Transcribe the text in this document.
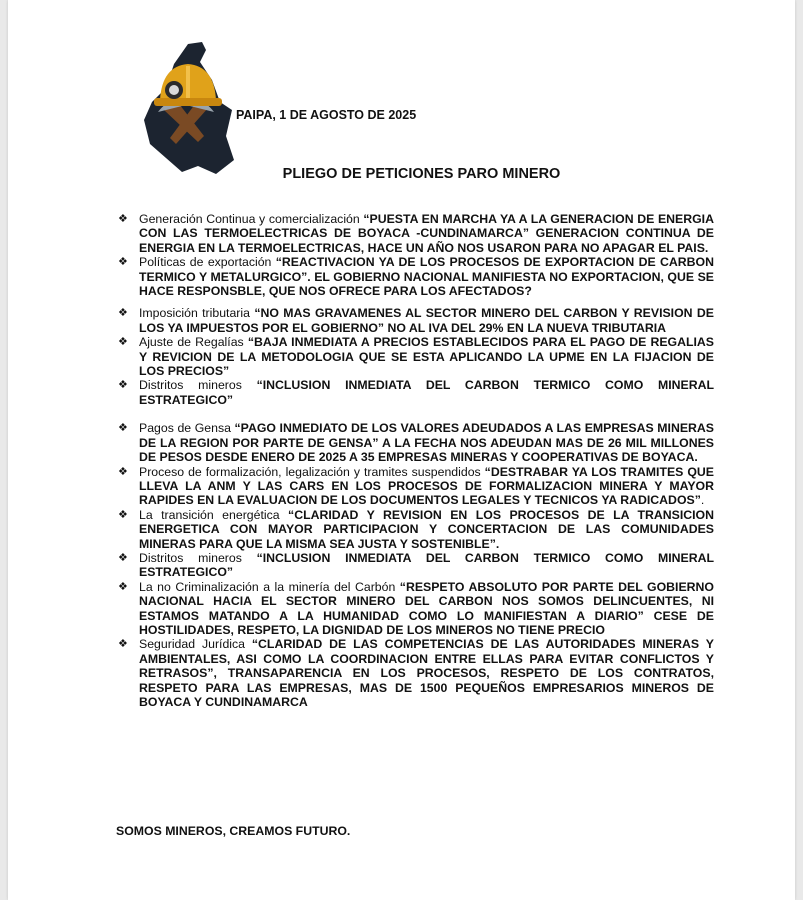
PAIPA, 1 DE AGOSTO DE 2025
PLIEGO DE PETICIONES PARO MINERO
❖ Generación Continua y comercialización “PUESTA EN MARCHA YA A LA GENERACION DE ENERGIA CON LAS TERMOELECTRICAS DE BOYACA -CUNDINAMARCA” GENERACION CONTINUA DE ENERGIA EN LA TERMOELECTRICAS, HACE UN AÑO NOS USARON PARA NO APAGAR EL PAIS.
❖ Políticas de exportación “REACTIVACION YA DE LOS PROCESOS DE EXPORTACION DE CARBON TERMICO Y METALURGICO”. EL GOBIERNO NACIONAL MANIFIESTA NO EXPORTACION, QUE SE HACE RESPONSBLE, QUE NOS OFRECE PARA LOS AFECTADOS?
❖ Imposición tributaria “NO MAS GRAVAMENES AL SECTOR MINERO DEL CARBON Y REVISION DE LOS YA IMPUESTOS POR EL GOBIERNO” NO AL IVA DEL 29% EN LA NUEVA TRIBUTARIA
❖ Ajuste de Regalías “BAJA INMEDIATA A PRECIOS ESTABLECIDOS PARA EL PAGO DE REGALIAS Y REVICION DE LA METODOLOGIA QUE SE ESTA APLICANDO LA UPME EN LA FIJACION DE LOS PRECIOS”
❖ Distritos mineros “INCLUSION INMEDIATA DEL CARBON TERMICO COMO MINERAL ESTRATEGICO”
❖ Pagos de Gensa “PAGO INMEDIATO DE LOS VALORES ADEUDADOS A LAS EMPRESAS MINERAS DE LA REGION POR PARTE DE GENSA” A LA FECHA NOS ADEUDAN MAS DE 26 MIL MILLONES DE PESOS DESDE ENERO DE 2025 A 35 EMPRESAS MINERAS Y COOPERATIVAS DE BOYACA.
❖ Proceso de formalización, legalización y tramites suspendidos “DESTRABAR YA LOS TRAMITES QUE LLEVA LA ANM Y LAS CARS EN LOS PROCESOS DE FORMALIZACION MINERA Y MAYOR RAPIDES EN LA EVALUACION DE LOS DOCUMENTOS LEGALES Y TECNICOS YA RADICADOS”.
❖ La transición energética “CLARIDAD Y REVISION EN LOS PROCESOS DE LA TRANSICION ENERGETICA CON MAYOR PARTICIPACION Y CONCERTACION DE LAS COMUNIDADES MINERAS PARA QUE LA MISMA SEA JUSTA Y SOSTENIBLE”.
❖ Distritos mineros “INCLUSION INMEDIATA DEL CARBON TERMICO COMO MINERAL ESTRATEGICO”
❖ La no Criminalización a la minería del Carbón “RESPETO ABSOLUTO POR PARTE DEL GOBIERNO NACIONAL HACIA EL SECTOR MINERO DEL CARBON NOS SOMOS DELINCUENTES, NI ESTAMOS MATANDO A LA HUMANIDAD COMO LO MANIFIESTAN A DIARIO” CESE DE HOSTILIDADES, RESPETO, LA DIGNIDAD DE LOS MINEROS NO TIENE PRECIO
❖ Seguridad Jurídica “CLARIDAD DE LAS COMPETENCIAS DE LAS AUTORIDADES MINERAS Y AMBIENTALES, ASI COMO LA COORDINACION ENTRE ELLAS PARA EVITAR CONFLICTOS Y RETRASOS”, TRANSAPARENCIA EN LOS PROCESOS, RESPETO DE LOS CONTRATOS, RESPETO PARA LAS EMPRESAS, MAS DE 1500 PEQUEÑOS EMPRESARIOS MINEROS DE BOYACA Y CUNDINAMARCA
SOMOS MINEROS, CREAMOS FUTURO.
